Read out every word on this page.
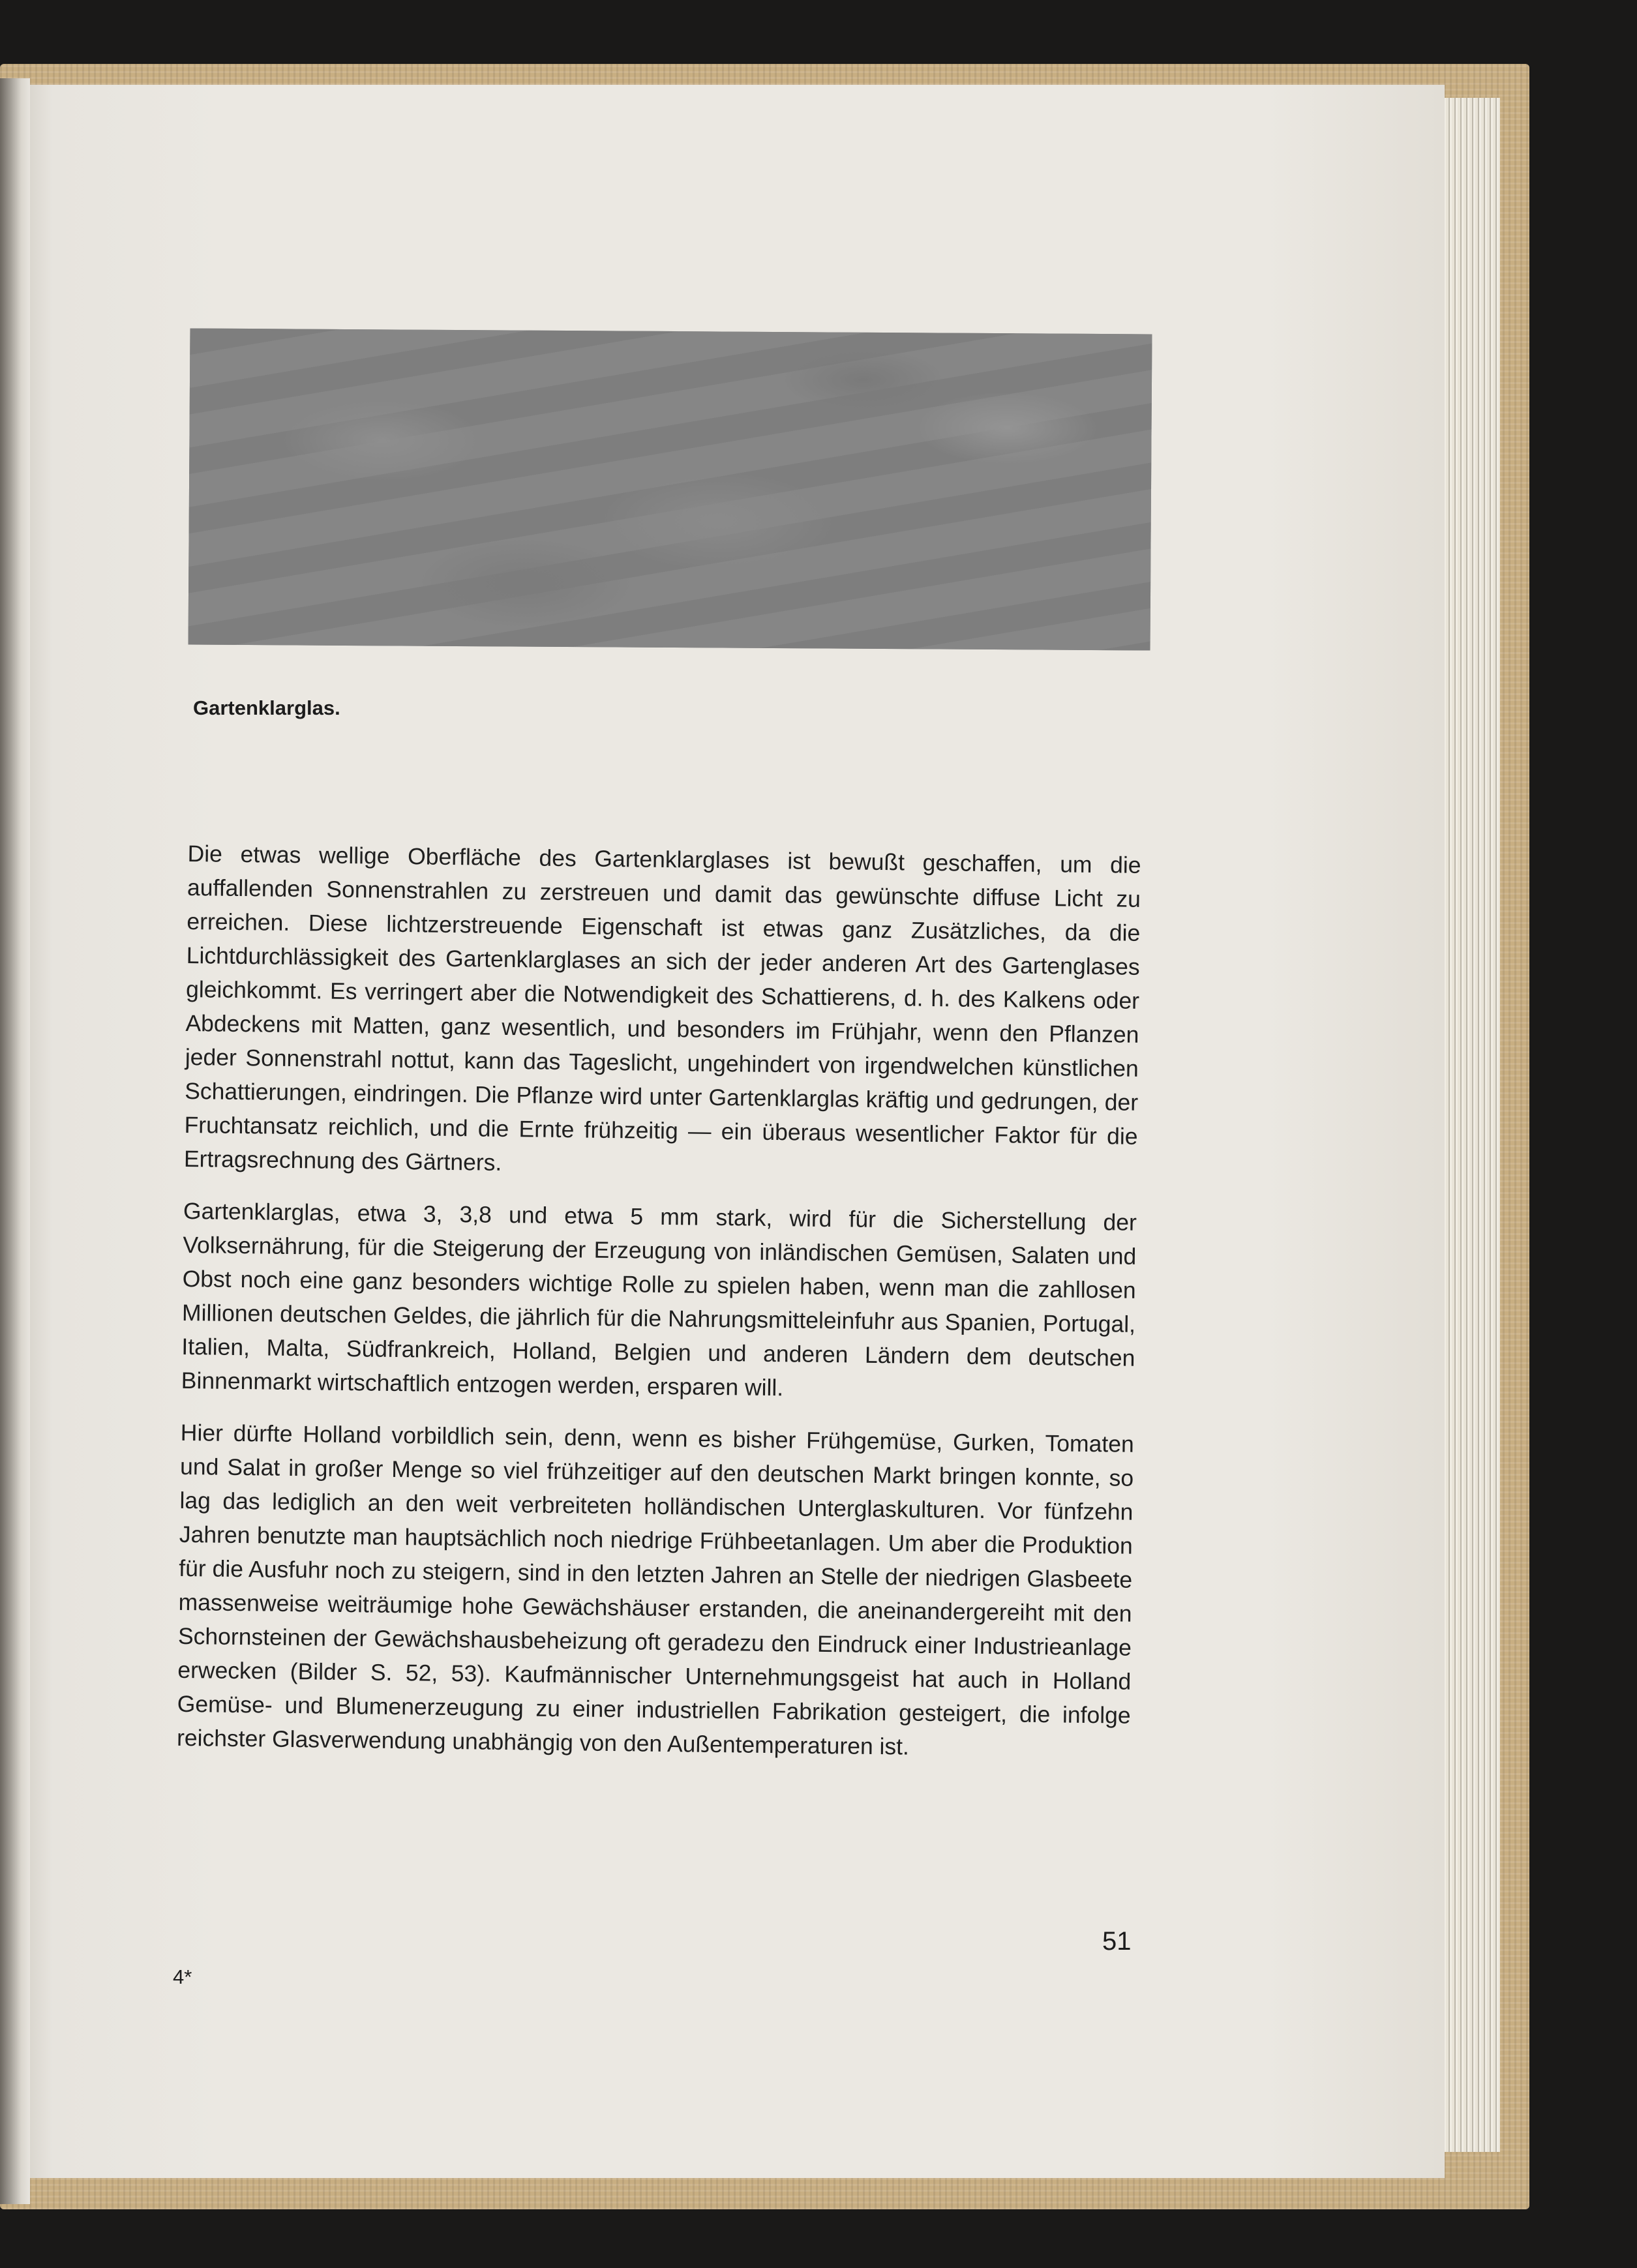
Gartenklarglas.

Die etwas wellige Oberfläche des Gartenklarglases ist bewußt geschaffen, um die auffallenden Sonnenstrahlen zu zerstreuen und damit das gewünschte diffuse Licht zu erreichen. Diese lichtzerstreuende Eigenschaft ist etwas ganz Zusätzliches, da die Lichtdurchlässigkeit des Gartenklarglases an sich der jeder anderen Art des Gartenglases gleichkommt. Es verringert aber die Notwendigkeit des Schattierens, d. h. des Kalkens oder Abdeckens mit Matten, ganz wesentlich, und besonders im Frühjahr, wenn den Pflanzen jeder Sonnenstrahl nottut, kann das Tageslicht, ungehindert von irgendwelchen künstlichen Schattierungen, eindringen. Die Pflanze wird unter Gartenklarglas kräftig und gedrungen, der Fruchtansatz reichlich, und die Ernte frühzeitig — ein überaus wesentlicher Faktor für die Ertragsrechnung des Gärtners.

Gartenklarglas, etwa 3, 3,8 und etwa 5 mm stark, wird für die Sicherstellung der Volksernährung, für die Steigerung der Erzeugung von inländischen Gemüsen, Salaten und Obst noch eine ganz besonders wichtige Rolle zu spielen haben, wenn man die zahllosen Millionen deutschen Geldes, die jährlich für die Nahrungsmitteleinfuhr aus Spanien, Portugal, Italien, Malta, Südfrankreich, Holland, Belgien und anderen Ländern dem deutschen Binnenmarkt wirtschaftlich entzogen werden, ersparen will.

Hier dürfte Holland vorbildlich sein, denn, wenn es bisher Frühgemüse, Gurken, Tomaten und Salat in großer Menge so viel frühzeitiger auf den deutschen Markt bringen konnte, so lag das lediglich an den weit verbreiteten holländischen Unterglaskulturen. Vor fünfzehn Jahren benutzte man hauptsächlich noch niedrige Frühbeetanlagen. Um aber die Produktion für die Ausfuhr noch zu steigern, sind in den letzten Jahren an Stelle der niedrigen Glasbeete massenweise weiträumige hohe Gewächshäuser erstanden, die aneinandergereiht mit den Schornsteinen der Gewächshausbeheizung oft geradezu den Eindruck einer Industrieanlage erwecken (Bilder S. 52, 53). Kaufmännischer Unternehmungsgeist hat auch in Holland Gemüse- und Blumenerzeugung zu einer industriellen Fabrikation gesteigert, die infolge reichster Glasverwendung unabhängig von den Außentemperaturen ist.

51
4*
